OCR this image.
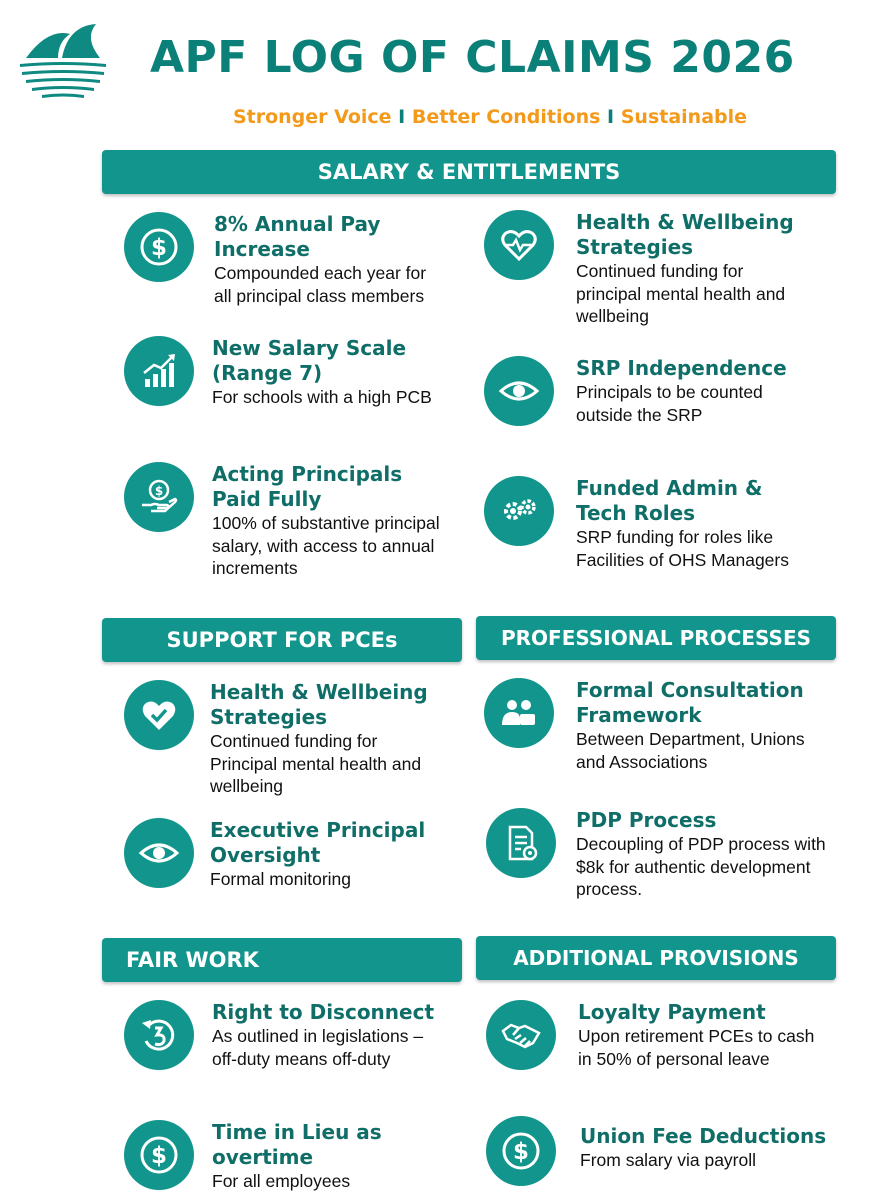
APF LOG OF CLAIMS 2026
Stronger Voice I Better Conditions I Sustainable
SALARY & ENTITLEMENTS
$
8% Annual Pay
Increase
Compounded each year for
all principal class members
Health & Wellbeing
Strategies
Continued funding for
principal mental health and
wellbeing
New Salary Scale
(Range 7)
For schools with a high PCB
SRP Independence
Principals to be counted
outside the SRP
$
Acting Principals
Paid Fully
100% of substantive principal
salary, with access to annual
increments
Funded Admin &
Tech Roles
SRP funding for roles like
Facilities of OHS Managers
SUPPORT FOR PCEs
Health & Wellbeing
Strategies
Continued funding for
Principal mental health and
wellbeing
Executive Principal
Oversight
Formal monitoring
PROFESSIONAL PROCESSES
Formal Consultation
Framework
Between Department, Unions
and Associations
PDP Process
Decoupling of PDP process with
$8k for authentic development
process.
FAIR WORK
Right to Disconnect
As outlined in legislations –
off-duty means off-duty
$
Time in Lieu as
overtime
For all employees
ADDITIONAL PROVISIONS
Loyalty Payment
Upon retirement PCEs to cash
in 50% of personal leave
$
Union Fee Deductions
From salary via payroll
